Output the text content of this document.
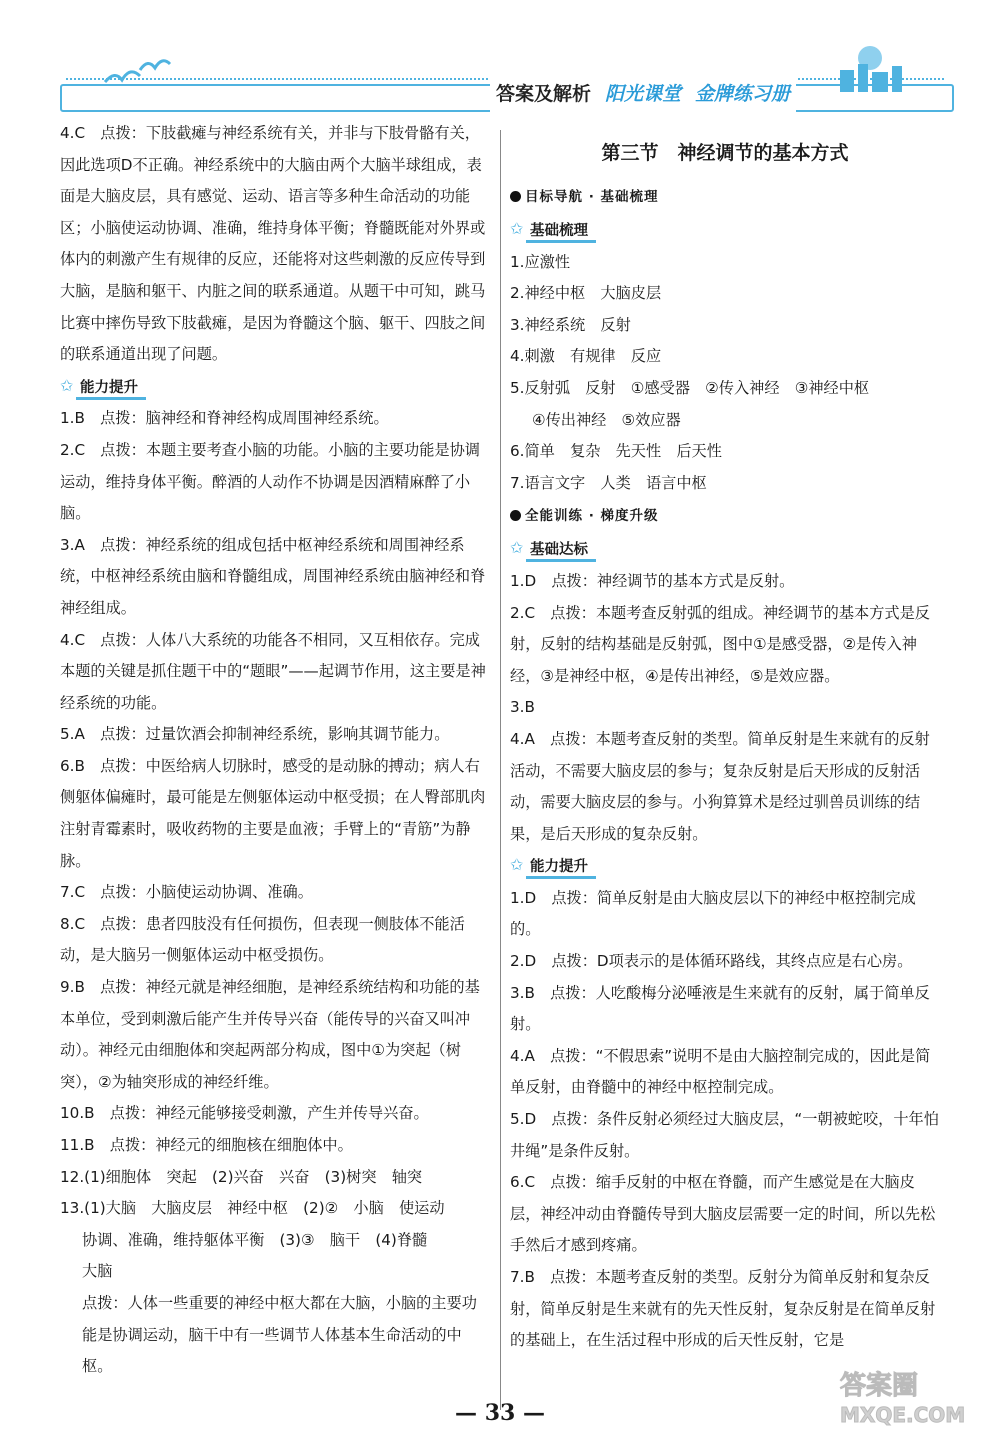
答案及解析 阳光课堂 金牌练习册

4.C　点拨：下肢截瘫与神经系统有关，并非与下肢骨骼有关，因此选项D不正确。神经系统中的大脑由两个大脑半球组成，表面是大脑皮层，具有感觉、运动、语言等多种生命活动的功能区；小脑使运动协调、准确，维持身体平衡；脊髓既能对外界或体内的刺激产生有规律的反应，还能将对这些刺激的反应传导到大脑，是脑和躯干、内脏之间的联系通道。从题干中可知，跳马比赛中摔伤导致下肢截瘫，是因为脊髓这个脑、躯干、四肢之间的联系通道出现了问题。

✩ 能力提升

1.B　点拨：脑神经和脊神经构成周围神经系统。

2.C　点拨：本题主要考查小脑的功能。小脑的主要功能是协调运动，维持身体平衡。醉酒的人动作不协调是因酒精麻醉了小脑。

3.A　点拨：神经系统的组成包括中枢神经系统和周围神经系统，中枢神经系统由脑和脊髓组成，周围神经系统由脑神经和脊神经组成。

4.C　点拨：人体八大系统的功能各不相同，又互相依存。完成本题的关键是抓住题干中的“题眼”——起调节作用，这主要是神经系统的功能。

5.A　点拨：过量饮酒会抑制神经系统，影响其调节能力。

6.B　点拨：中医给病人切脉时，感受的是动脉的搏动；病人右侧躯体偏瘫时，最可能是左侧躯体运动中枢受损；在人臀部肌肉注射青霉素时，吸收药物的主要是血液；手臂上的“青筋”为静脉。

7.C　点拨：小脑使运动协调、准确。

8.C　点拨：患者四肢没有任何损伤，但表现一侧肢体不能活动，是大脑另一侧躯体运动中枢受损伤。

9.B　点拨：神经元就是神经细胞，是神经系统结构和功能的基本单位，受到刺激后能产生并传导兴奋（能传导的兴奋又叫冲动）。神经元由细胞体和突起两部分构成，图中①为突起（树突），②为轴突形成的神经纤维。

10.B　点拨：神经元能够接受刺激，产生并传导兴奋。

11.B　点拨：神经元的细胞核在细胞体中。

12.(1)细胞体　突起　(2)兴奋　兴奋　(3)树突　轴突

13.(1)大脑　大脑皮层　神经中枢　(2)②　小脑　使运动

协调、准确，维持躯体平衡　(3)③　脑干　(4)脊髓

大脑

点拨：人体一些重要的神经中枢大都在大脑，小脑的主要功能是协调运动，脑干中有一些调节人体基本生命活动的中枢。

第三节　神经调节的基本方式

目标导航 · 基础梳理

✩ 基础梳理

1.应激性

2.神经中枢　大脑皮层

3.神经系统　反射

4.刺激　有规律　反应

5.反射弧　反射　①感受器　②传入神经　③神经中枢

④传出神经　⑤效应器

6.简单　复杂　先天性　后天性

7.语言文字　人类　语言中枢

全能训练 · 梯度升级

✩ 基础达标

1.D　点拨：神经调节的基本方式是反射。

2.C　点拨：本题考查反射弧的组成。神经调节的基本方式是反射，反射的结构基础是反射弧，图中①是感受器，②是传入神经，③是神经中枢，④是传出神经，⑤是效应器。

3.B

4.A　点拨：本题考查反射的类型。简单反射是生来就有的反射活动，不需要大脑皮层的参与；复杂反射是后天形成的反射活动，需要大脑皮层的参与。小狗算算术是经过驯兽员训练的结果，是后天形成的复杂反射。

✩ 能力提升

1.D　点拨：简单反射是由大脑皮层以下的神经中枢控制完成的。

2.D　点拨：D项表示的是体循环路线，其终点应是右心房。

3.B　点拨：人吃酸梅分泌唾液是生来就有的反射，属于简单反射。

4.A　点拨：“不假思索”说明不是由大脑控制完成的，因此是简单反射，由脊髓中的神经中枢控制完成。

5.D　点拨：条件反射必须经过大脑皮层，“一朝被蛇咬，十年怕井绳”是条件反射。

6.C　点拨：缩手反射的中枢在脊髓，而产生感觉是在大脑皮层，神经冲动由脊髓传导到大脑皮层需要一定的时间，所以先松手然后才感到疼痛。

7.B　点拨：本题考查反射的类型。反射分为简单反射和复杂反射，简单反射是生来就有的先天性反射，复杂反射是在简单反射的基础上，在生活过程中形成的后天性反射，它是

— 33 —
答案圈
MXQE.COM
